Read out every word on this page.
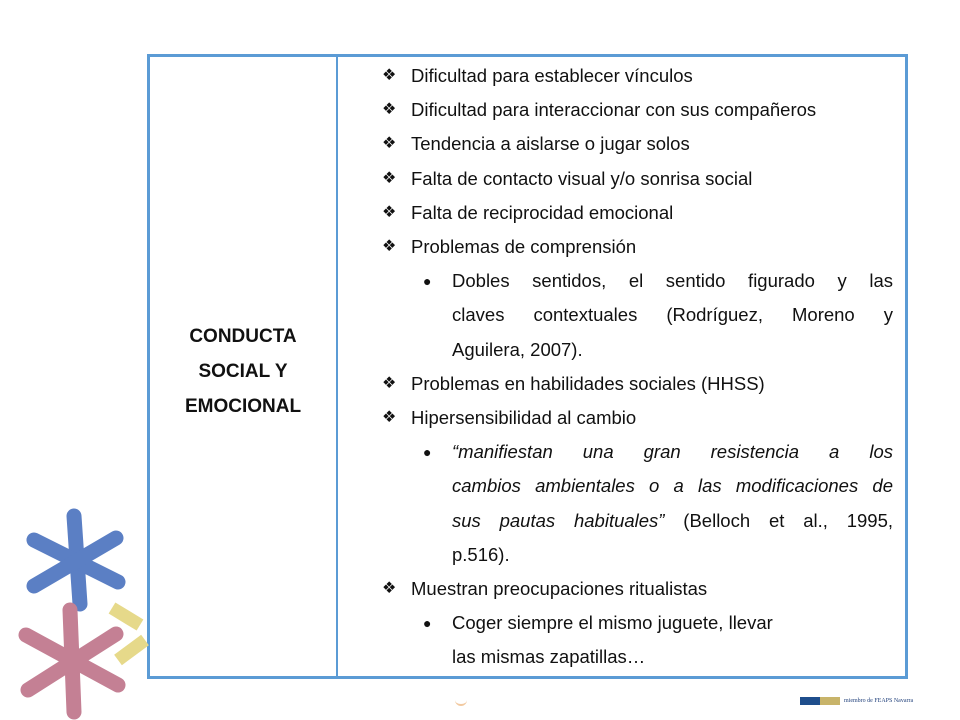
CONDUCTA
SOCIAL Y
EMOCIONAL
❖ Dificultad para establecer vínculos
❖ Dificultad para interaccionar con sus compañeros
❖ Tendencia a aislarse o jugar solos
❖ Falta de contacto visual y/o sonrisa social
❖ Falta de reciprocidad emocional
❖ Problemas de comprensión
● Dobles sentidos, el sentido figurado y las
claves contextuales (Rodríguez, Moreno y
Aguilera, 2007).
❖ Problemas en habilidades sociales (HHSS)
❖ Hipersensibilidad al cambio
● “manifiestan una gran resistencia a los
cambios ambientales o a las modificaciones de
sus pautas habituales” (Belloch et al., 1995,
p.516).
❖ Muestran preocupaciones ritualistas
● Coger siempre el mismo juguete, llevar
las mismas zapatillas…
miembro de FEAPS Navarra
